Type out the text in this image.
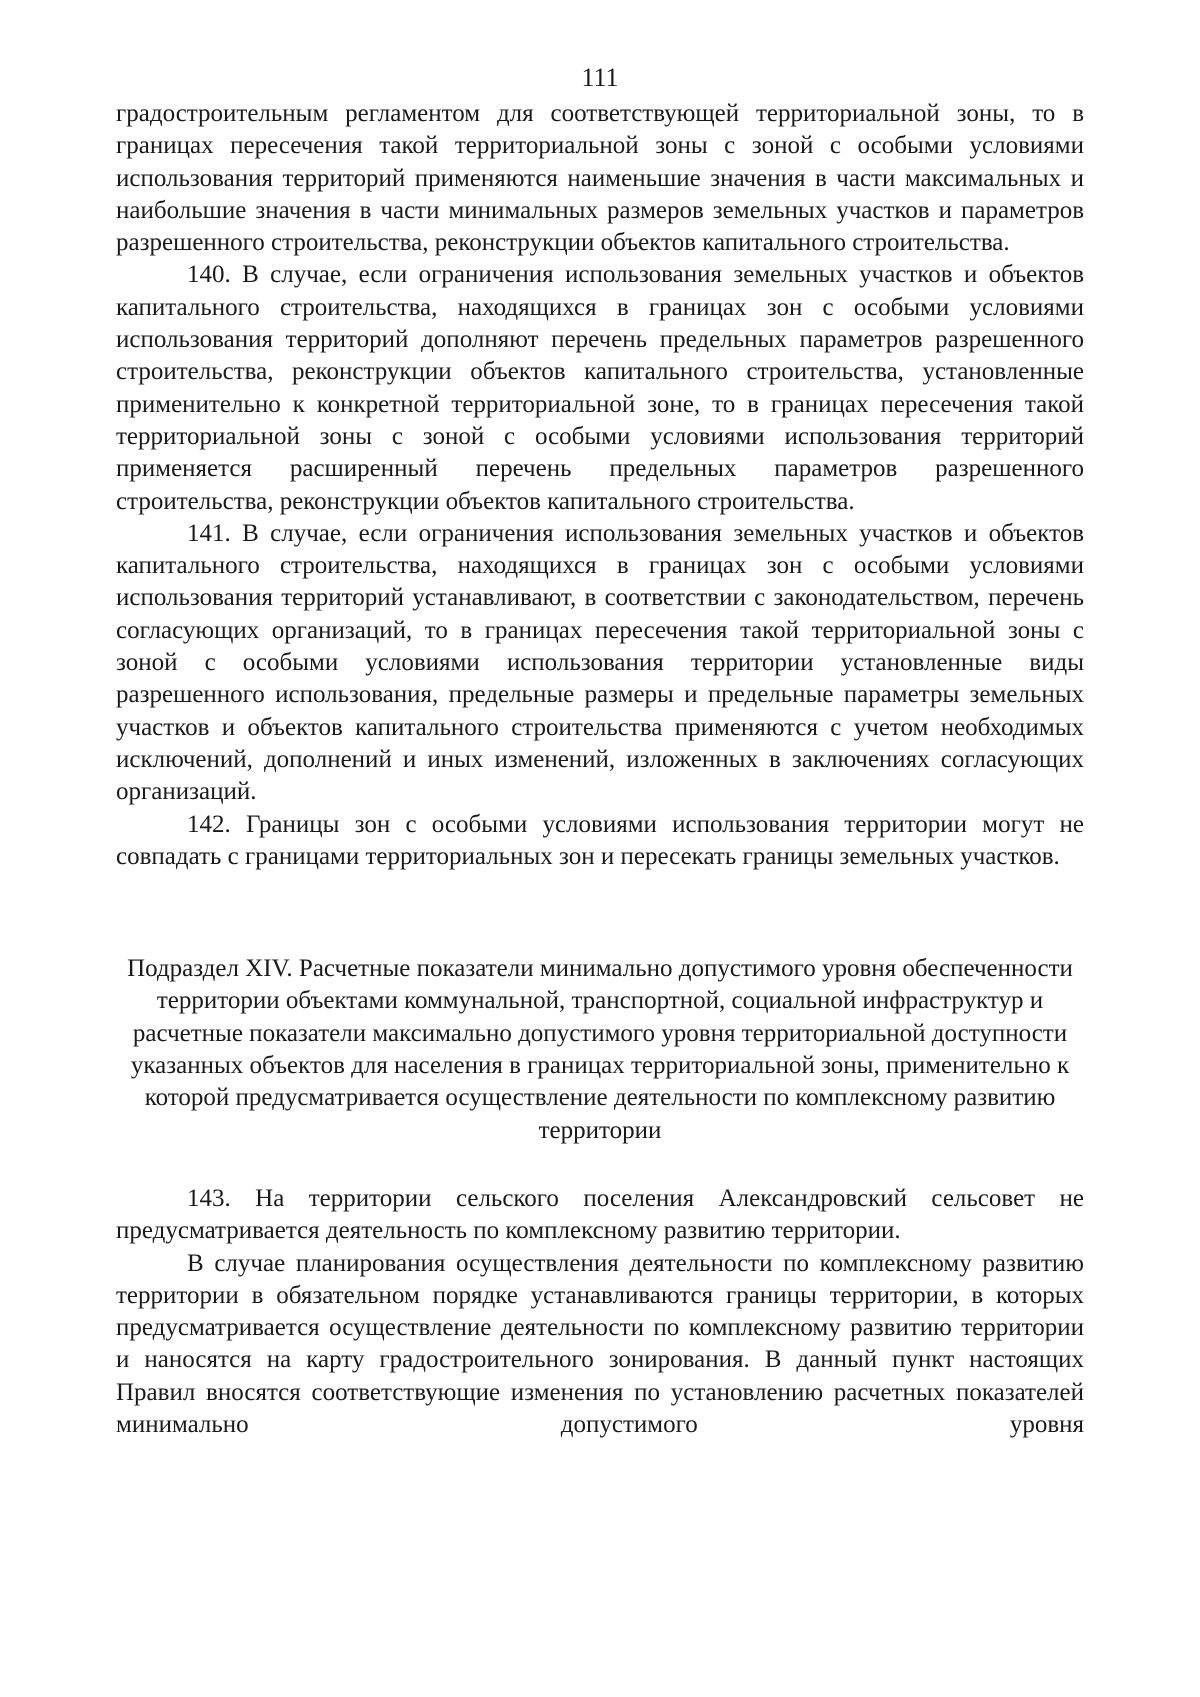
111

градостроительным регламентом для соответствующей территориальной зоны, то в границах пересечения такой территориальной зоны с зоной с особыми условиями использования территорий применяются наименьшие значения в части максимальных и наибольшие значения в части минимальных размеров земельных участков и параметров разрешенного строительства, реконструкции объектов капитального строительства.

140. В случае, если ограничения использования земельных участков и объектов капитального строительства, находящихся в границах зон с особыми условиями использования территорий дополняют перечень предельных параметров разрешенного строительства, реконструкции объектов капитального строительства, установленные применительно к конкретной территориальной зоне, то в границах пересечения такой территориальной зоны с зоной с особыми условиями использования территорий применяется расширенный перечень предельных параметров разрешенного строительства, реконструкции объектов капитального строительства.

141. В случае, если ограничения использования земельных участков и объектов капитального строительства, находящихся в границах зон с особыми условиями использования территорий устанавливают, в соответствии с законодательством, перечень согласующих организаций, то в границах пересечения такой территориальной зоны с зоной с особыми условиями использования территории установленные виды разрешенного использования, предельные размеры и предельные параметры земельных участков и объектов капитального строительства применяются с учетом необходимых исключений, дополнений и иных изменений, изложенных в заключениях согласующих организаций.

142. Границы зон с особыми условиями использования территории могут не совпадать с границами территориальных зон и пересекать границы земельных участков.

Подраздел XIV. Расчетные показатели минимально допустимого уровня обеспеченности территории объектами коммунальной, транспортной, социальной инфраструктур и расчетные показатели максимально допустимого уровня территориальной доступности указанных объектов для населения в границах территориальной зоны, применительно к которой предусматривается осуществление деятельности по комплексному развитию территории

143. На территории сельского поселения Александровский сельсовет не предусматривается деятельность по комплексному развитию территории.

В случае планирования осуществления деятельности по комплексному развитию территории в обязательном порядке устанавливаются границы территории, в которых предусматривается осуществление деятельности по комплексному развитию территории и наносятся на карту градостроительного зонирования. В данный пункт настоящих Правил вносятся соответствующие изменения по установлению расчетных показателей минимально допустимого уровня
